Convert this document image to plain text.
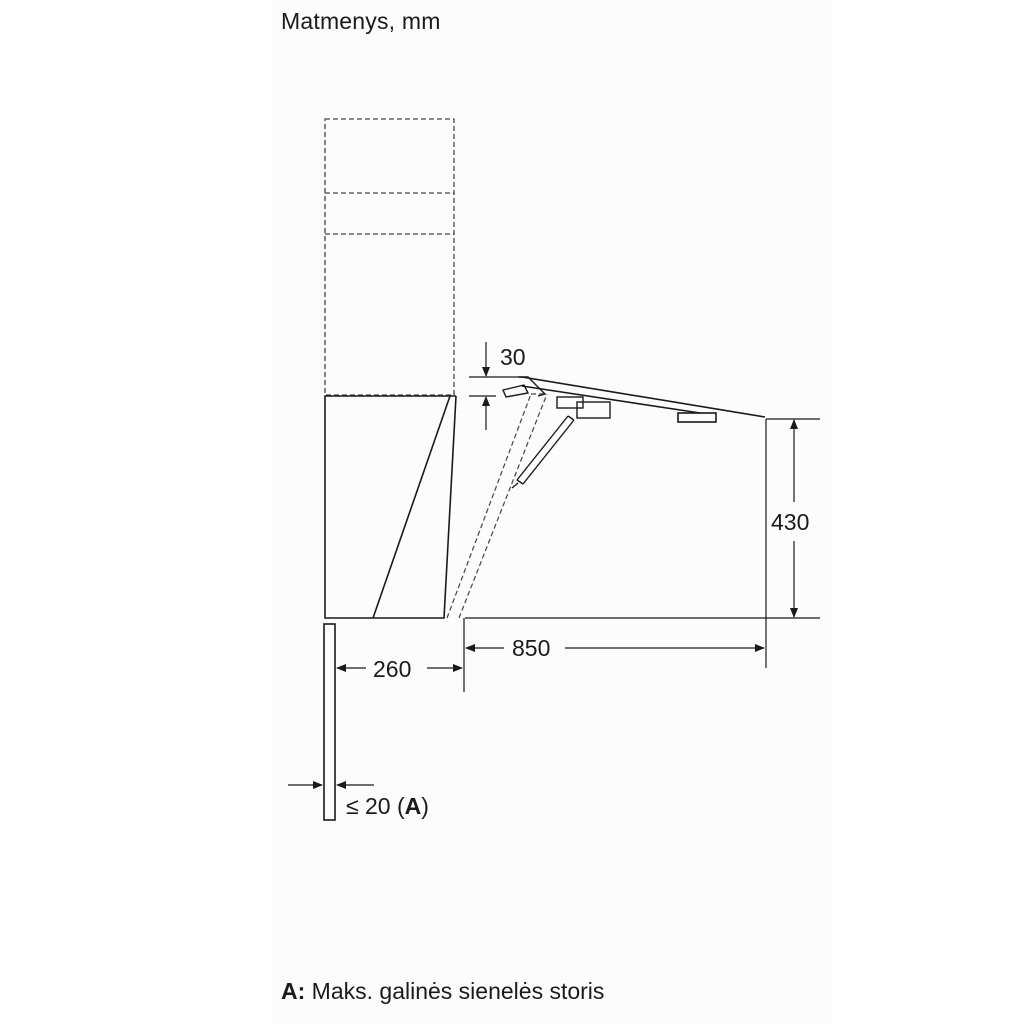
Matmenys, mm
30
430
850
260
≤ 20 (A)
A: Maks. galinės sienelės storis
